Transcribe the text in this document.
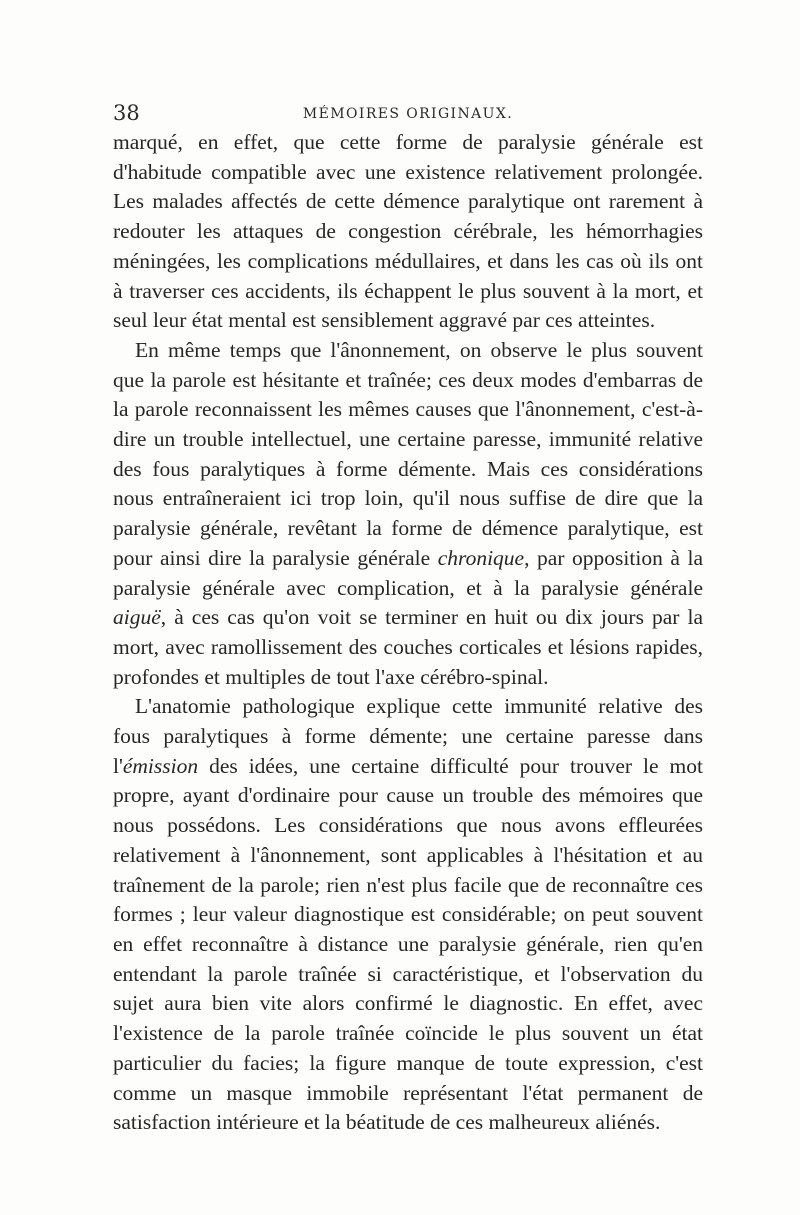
38	MÉMOIRES ORIGINAUX.

marqué, en effet, que cette forme de paralysie générale est d'habitude compatible avec une existence relativement prolongée. Les malades affectés de cette démence paralytique ont rarement à redouter les attaques de congestion cérébrale, les hémorrhagies méningées, les complications médullaires, et dans les cas où ils ont à traverser ces accidents, ils échappent le plus souvent à la mort, et seul leur état mental est sensiblement aggravé par ces atteintes.

En même temps que l'ânonnement, on observe le plus souvent que la parole est hésitante et traînée; ces deux modes d'embarras de la parole reconnaissent les mêmes causes que l'ânonnement, c'est-à-dire un trouble intellectuel, une certaine paresse, immunité relative des fous paralytiques à forme démente. Mais ces considérations nous entraîneraient ici trop loin, qu'il nous suffise de dire que la paralysie générale, revêtant la forme de démence paralytique, est pour ainsi dire la paralysie générale chronique, par opposition à la paralysie générale avec complication, et à la paralysie générale aiguë, à ces cas qu'on voit se terminer en huit ou dix jours par la mort, avec ramollissement des couches corticales et lésions rapides, profondes et multiples de tout l'axe cérébro-spinal.

L'anatomie pathologique explique cette immunité relative des fous paralytiques à forme démente; une certaine paresse dans l'émission des idées, une certaine difficulté pour trouver le mot propre, ayant d'ordinaire pour cause un trouble des mémoires que nous possédons. Les considérations que nous avons effleurées relativement à l'ânonnement, sont applicables à l'hésitation et au traînement de la parole; rien n'est plus facile que de reconnaître ces formes ; leur valeur diagnostique est considérable; on peut souvent en effet reconnaître à distance une paralysie générale, rien qu'en entendant la parole traînée si caractéristique, et l'observation du sujet aura bien vite alors confirmé le diagnostic. En effet, avec l'existence de la parole traînée coïncide le plus souvent un état particulier du facies; la figure manque de toute expression, c'est comme un masque immobile représentant l'état permanent de satisfaction intérieure et la béatitude de ces malheureux aliénés.
